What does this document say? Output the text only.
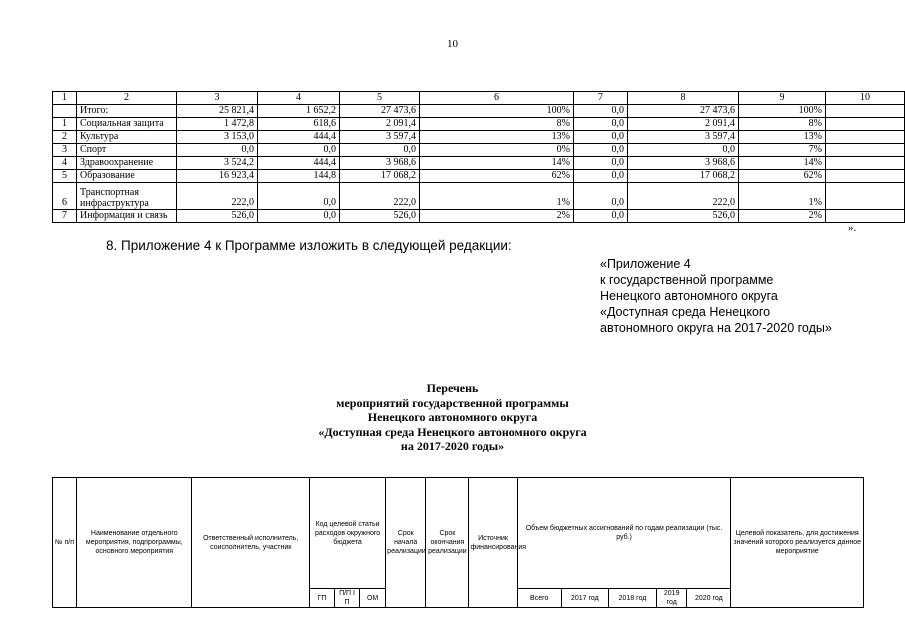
10
1	2	3	4	5	6	7	8	9	10
	Итого:	25 821,4	1 652,2	27 473,6	100%	0,0	27 473,6	100%	
1	Социальная защита	1 472,8	618,6	2 091,4	8%	0,0	2 091,4	8%	
2	Культура	3 153,0	444,4	3 597,4	13%	0,0	3 597,4	13%	
3	Спорт	0,0	0,0	0,0	0%	0,0	0,0	7%	
4	Здравоохранение	3 524,2	444,4	3 968,6	14%	0,0	3 968,6	14%	
5	Образование	16 923,4	144,8	17 068,2	62%	0,0	17 068,2	62%	
6	Транспортная инфраструктура	222,0	0,0	222,0	1%	0,0	222,0	1%	
7	Информация и связь	526,0	0,0	526,0	2%	0,0	526,0	2%	
».
8. Приложение 4 к Программе изложить в следующей редакции:
«Приложение 4
к государственной программе
Ненецкого автономного округа
«Доступная среда Ненецкого
автономного округа на 2017-2020 годы»
Перечень
мероприятий государственной программы
Ненецкого автономного округа
«Доступная среда Ненецкого автономного округа
на 2017-2020 годы»
№ п/п	Наименование отдельного мероприятия, подпрограммы, основного мероприятия	Ответственный исполнитель, соисполнитель, участник	Код целевой статьи расходов окружного бюджета			Срок начала реализации	Срок окончания реализации	Источник финансирования	Объем бюджетных ассигнований по годам реализации (тыс. руб.)					Целевой показатель, для достижения значений которого реализуется данное мероприятие
			ГП	П/П I П	ОМ				Всего	2017 год	2018 год	2019 год	2020 год	
